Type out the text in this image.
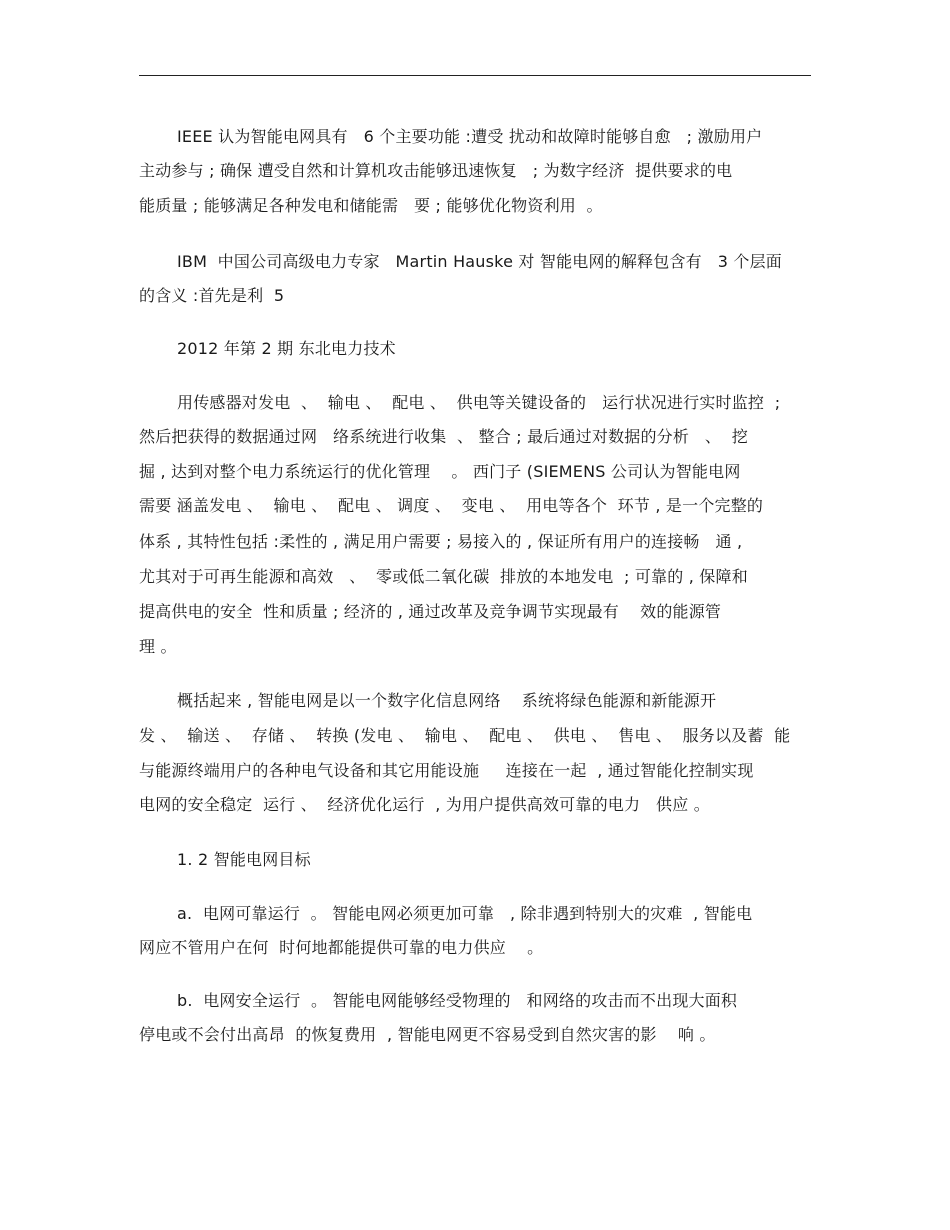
IEEE 认为智能电网具有   6 个主要功能 :遭受 扰动和故障时能够自愈   ; 激励用户
主动参与 ; 确保 遭受自然和计算机攻击能够迅速恢复   ; 为数字经济  提供要求的电
能质量 ; 能够满足各种发电和储能需   要 ; 能够优化物资利用  。
IBM  中国公司高级电力专家   Martin Hauske 对 智能电网的解释包含有   3 个层面
的含义 :首先是利  5
2012 年第 2 期 东北电力技术
用传感器对发电  、  输电 、  配电 、  供电等关键设备的   运行状况进行实时监控  ;
然后把获得的数据通过网   络系统进行收集  、 整合 ; 最后通过对数据的分析   、  挖
掘 , 达到对整个电力系统运行的优化管理    。 西门子 (SIEMENS 公司认为智能电网
需要 涵盖发电 、  输电 、  配电 、 调度 、  变电 、  用电等各个  环节 , 是一个完整的
体系 , 其特性包括 :柔性的 , 满足用户需要 ; 易接入的 , 保证所有用户的连接畅   通 ,
尤其对于可再生能源和高效   、  零或低二氧化碳  排放的本地发电  ; 可靠的 , 保障和
提高供电的安全  性和质量 ; 经济的 , 通过改革及竞争调节实现最有    效的能源管
理 。
概括起来 , 智能电网是以一个数字化信息网络    系统将绿色能源和新能源开
发 、  输送 、  存储 、  转换 (发电 、  输电 、  配电 、  供电 、  售电 、  服务以及蓄  能
与能源终端用户的各种电气设备和其它用能设施     连接在一起  , 通过智能化控制实现
电网的安全稳定  运行 、  经济优化运行  , 为用户提供高效可靠的电力   供应 。
1. 2 智能电网目标
a.  电网可靠运行  。 智能电网必须更加可靠   , 除非遇到特别大的灾难  , 智能电
网应不管用户在何  时何地都能提供可靠的电力供应    。
b.  电网安全运行  。 智能电网能够经受物理的   和网络的攻击而不出现大面积
停电或不会付出高昂  的恢复费用  , 智能电网更不容易受到自然灾害的影    响 。
